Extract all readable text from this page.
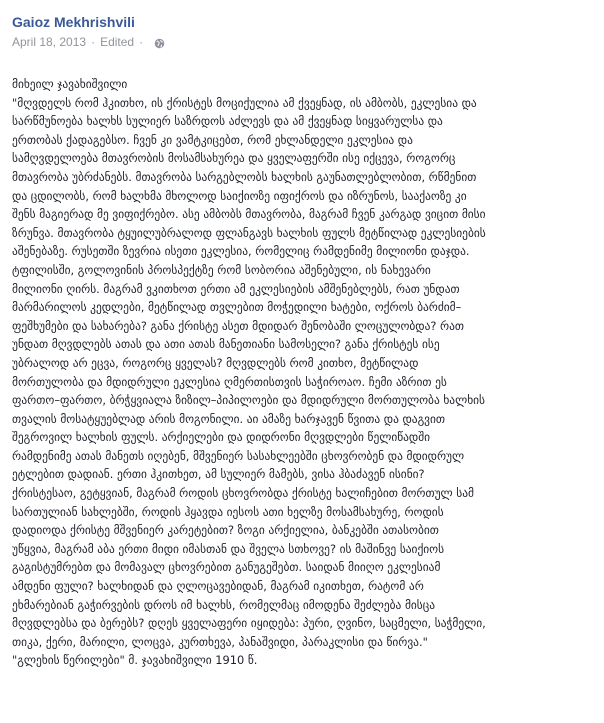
Gaioz Mekhrishvili
April 18, 2013 · Edited ·
მიხეილ ჯავახიშვილი
"მღვდელს რომ ჰკითხო, ის ქრისტეს მოციქულია ამ ქვეყნად, ის ამბობს, ეკლესია და
სარწმუნოება ხალხს სულიერ საზრდოს აძლევს და ამ ქვეყნად სიყვარულსა და
ერთობას ქადაგებსო. ჩვენ კი ვამტკიცებთ, რომ ეხლანდელი ეკლესია და
სამღვდელოება მთავრობის მოსამსახურეა და ყველაფერში ისე იქცევა, როგორც
მთავრობა უბრძანებს. მთავრობა სარგებლობს ხალხის გაუნათლებლობით, რწმენით
და ცდილობს, რომ ხალხმა მხოლოდ საიქიოზე იფიქროს და იზრუნოს, სააქაოზე კი
შენს მაგიერად მე ვიფიქრებო. ასე ამბობს მთავრობა, მაგრამ ჩვენ კარგად ვიცით მისი
ზრუნვა. მთავრობა ტყუილუბრალოდ ფლანგავს ხალხის ფულს მეტწილად ეკლესიების
აშენებაზე. რუსეთში ზევრია ისეთი ეკლესია, რომელიც რამდენიმე მილიონი დაჯდა.
ტფილისში, გოლოვინის პროსპექტზე რომ სობორია აშენებული, ის ნახევარი
მილიონი ღირს. მაგრამ ვკითხოთ ერთი ამ ეკლესიების ამშენებლებს, რათ უნდათ
მარმარილოს კედლები, მეტწილად თვლებით მოჭედილი ხატები, ოქროს ბარძიმ–
ფეშხუმები და სახარება? განა ქრისტე ასეთ მდიდარ შენობაში ლოცულობდა? რათ
უნდათ მღვდლებს ათას და ათი ათას მანეთიანი სამოსელი? განა ქრისტეს ისე
უბრალოდ არ ეცვა, როგორც ყველას? მღვდლებს რომ კითხო, მეტწილად
მორთულობა და მდიდრული ეკლესია ღმერთისთვის საჭიროაო. ჩემი აზრით ეს
ფართო–ფართო, ბრჭყვიალა ზიზილ–პიპილოები და მდიდრული მორთულობა ხალხის
თვალის მოსატყუებლად არის მოგონილი. აი ამაზე ხარჯავენ წვითა და დაგვით
შეგროვილ ხალხის ფულს. არქიელები და დიდრონი მღვდლები წელიწადში
რამდენიმე ათას მანეთს იღებენ, მშვენიერ სასახლეებში ცხოვრობენ და მდიდრულ
ეტლებით დადიან. ერთი ჰკითხეთ, ამ სულიერ მამებს, ვისა ჰბაძავენ ისინი?
ქრისტესაო, გეტყვიან, მაგრამ როდის ცხოვრობდა ქრისტე ხალიჩებით მორთულ სამ
სართულიან სახლებში, როდის ჰყავდა იესოს ათი ხელზე მოსამსახურე, როდის
დადიოდა ქრისტე მშვენიერ კარეტებით? ზოგი არქიელია, ბანკებში ათასობით
უწყვია, მაგრამ აბა ერთი მიდი იმასთან და შველა სთხოვე? ის მაშინვე საიქიოს
გაგისტუმრებთ და მომავალ ცხოვრებით განუგეშებთ. საიდან მიიღო ეკლესიამ
ამდენი ფული? ხალხიდან და ღლოცავებიდან, მაგრამ იკითხეთ, რატომ არ
ეხმარებიან გაჭირვების დროს იმ ხალხს, რომელმაც იმოდენა შეძლება მისცა
მღვდლებსა და ბერებს? დღეს ყველაფერი იყიდება: პური, ღვინო, საცმელი, საჭმელი,
თიკა, ქერი, მარილი, ლოცვა, კურთხევა, პანაშვიდი, პარაკლისი და წირვა."
"გლეხის წერილები" მ. ჯავახიშვილი 1910 წ.
